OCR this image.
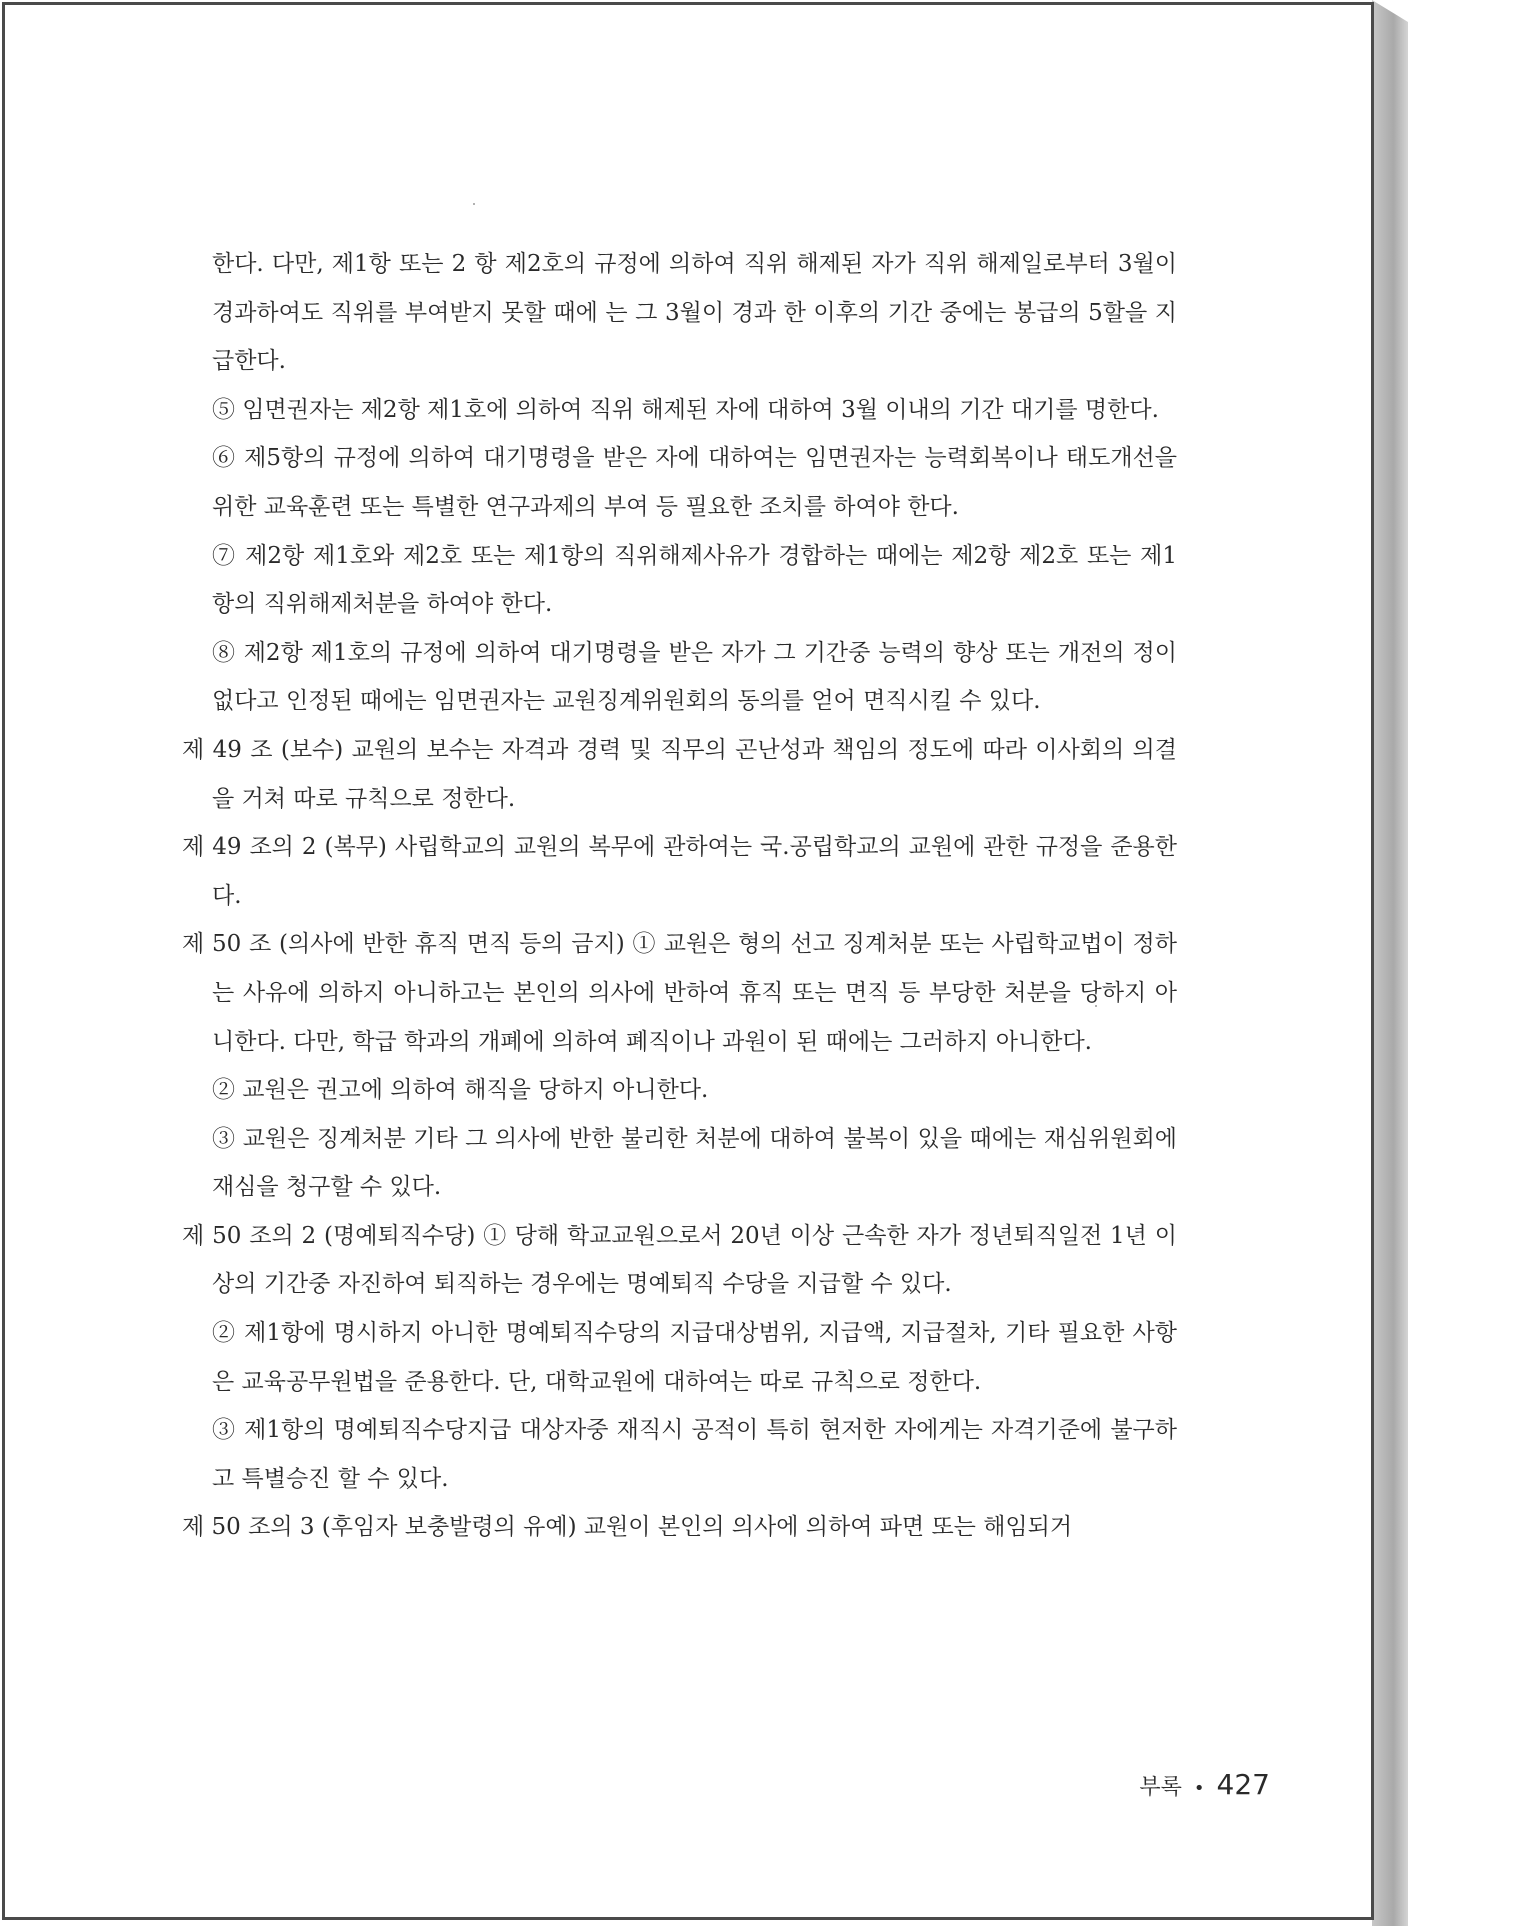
한다. 다만, 제1항 또는 2 항 제2호의 규정에 의하여 직위 해제된 자가 직위 해제일로부터 3월이 경과하여도 직위를 부여받지 못할 때에 는 그 3월이 경과 한 이후의 기간 중에는 봉급의 5할을 지급한다.

⑤ 임면권자는 제2항 제1호에 의하여 직위 해제된 자에 대하여 3월 이내의 기간 대기를 명한다.

⑥ 제5항의 규정에 의하여 대기명령을 받은 자에 대하여는 임면권자는 능력회복이나 태도개선을 위한 교육훈련 또는 특별한 연구과제의 부여 등 필요한 조치를 하여야 한다.

⑦ 제2항 제1호와 제2호 또는 제1항의 직위해제사유가 경합하는 때에는 제2항 제2호 또는 제1항의 직위해제처분을 하여야 한다.

⑧ 제2항 제1호의 규정에 의하여 대기명령을 받은 자가 그 기간중 능력의 향상 또는 개전의 정이 없다고 인정된 때에는 임면권자는 교원징계위원회의 동의를 얻어 면직시킬 수 있다.

제 49 조 (보수) 교원의 보수는 자격과 경력 및 직무의 곤난성과 책임의 정도에 따라 이사회의 의결을 거쳐 따로 규칙으로 정한다.

제 49 조의 2 (복무) 사립학교의 교원의 복무에 관하여는 국.공립학교의 교원에 관한 규정을 준용한다.

제 50 조 (의사에 반한 휴직 면직 등의 금지) ① 교원은 형의 선고 징계처분 또는 사립학교법이 정하는 사유에 의하지 아니하고는 본인의 의사에 반하여 휴직 또는 면직 등 부당한 처분을 당하지 아니한다. 다만, 학급 학과의 개폐에 의하여 폐직이나 과원이 된 때에는 그러하지 아니한다.

② 교원은 권고에 의하여 해직을 당하지 아니한다.

③ 교원은 징계처분 기타 그 의사에 반한 불리한 처분에 대하여 불복이 있을 때에는 재심위원회에 재심을 청구할 수 있다.

제 50 조의 2 (명예퇴직수당) ① 당해 학교교원으로서 20년 이상 근속한 자가 정년퇴직일전 1년 이상의 기간중 자진하여 퇴직하는 경우에는 명예퇴직 수당을 지급할 수 있다.

② 제1항에 명시하지 아니한 명예퇴직수당의 지급대상범위, 지급액, 지급절차, 기타 필요한 사항은 교육공무원법을 준용한다. 단, 대학교원에 대하여는 따로 규칙으로 정한다.

③ 제1항의 명예퇴직수당지급 대상자중 재직시 공적이 특히 현저한 자에게는 자격기준에 불구하고 특별승진 할 수 있다.

제 50 조의 3 (후임자 보충발령의 유예) 교원이 본인의 의사에 의하여 파면 또는 해임되거

부록 • 427
